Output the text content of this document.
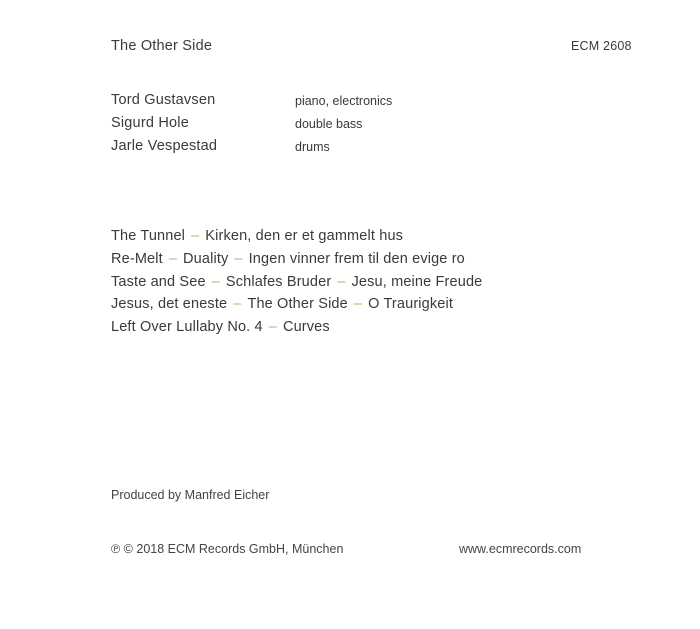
The Other Side	ECM 2608
Tord Gustavsen	piano, electronics
Sigurd Hole	double bass
Jarle Vespestad	drums
The Tunnel – Kirken, den er et gammelt hus
Re-Melt – Duality – Ingen vinner frem til den evige ro
Taste and See – Schlafes Bruder – Jesu, meine Freude
Jesus, det eneste – The Other Side – O Traurigkeit
Left Over Lullaby No. 4 – Curves
Produced by Manfred Eicher
℗ © 2018 ECM Records GmbH, München	www.ecmrecords.com
